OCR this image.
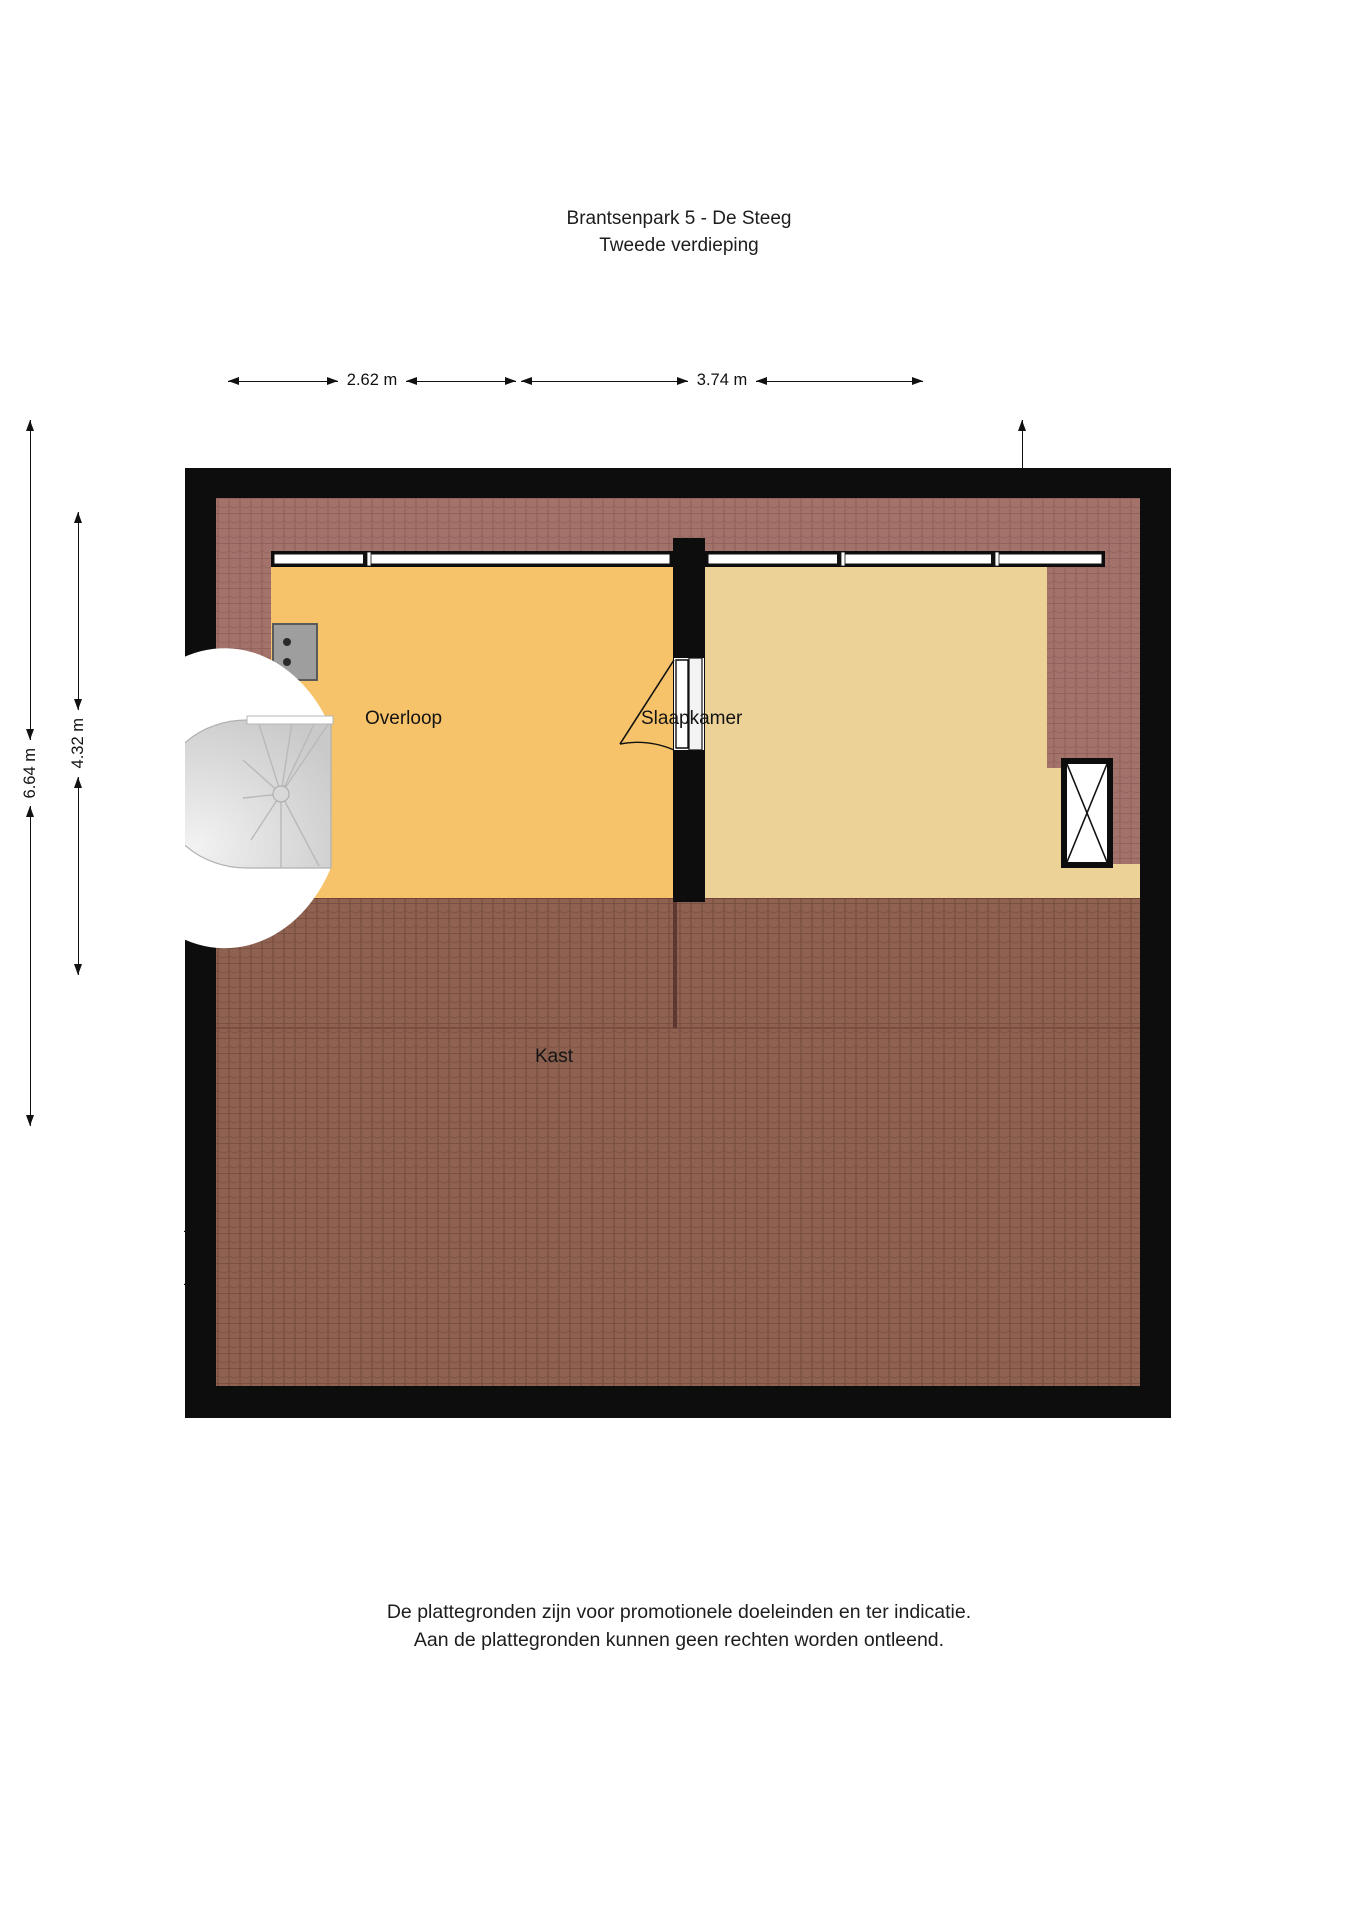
Brantsenpark 5 - De Steeg
Tweede verdieping
2.62 m	3.74 m
6.64 m
4.32 m	Overloop	Slaapkamer
Kast
De plattegronden zijn voor promotionele doeleinden en ter indicatie.
Aan de plattegronden kunnen geen rechten worden ontleend.
